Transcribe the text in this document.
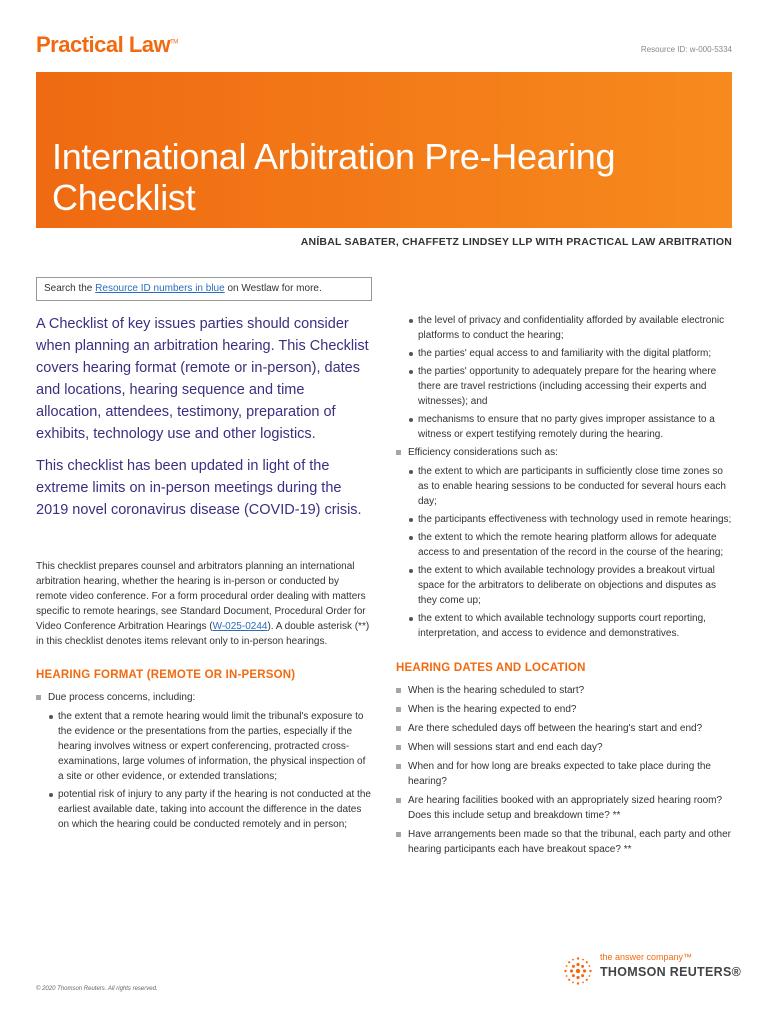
Practical Law™
Resource ID: w-000-5334
International Arbitration Pre-Hearing Checklist
ANÍBAL SABATER, CHAFFETZ LINDSEY LLP WITH PRACTICAL LAW ARBITRATION
Search the Resource ID numbers in blue on Westlaw for more.

A Checklist of key issues parties should consider when planning an arbitration hearing. This Checklist covers hearing format (remote or in-person), dates and locations, hearing sequence and time allocation, attendees, testimony, preparation of exhibits, technology use and other logistics.

This checklist has been updated in light of the extreme limits on in-person meetings during the 2019 novel coronavirus disease (COVID-19) crisis.

This checklist prepares counsel and arbitrators planning an international arbitration hearing, whether the hearing is in-person or conducted by remote video conference. For a form procedural order dealing with matters specific to remote hearings, see Standard Document, Procedural Order for Video Conference Arbitration Hearings (W-025-0244). A double asterisk (**) in this checklist denotes items relevant only to in-person hearings.

HEARING FORMAT (REMOTE OR IN-PERSON)
Due process concerns, including:
the extent that a remote hearing would limit the tribunal's exposure to the evidence or the presentations from the parties, especially if the hearing involves witness or expert conferencing, protracted cross-examinations, large volumes of information, the physical inspection of a site or other evidence, or extended translations;
potential risk of injury to any party if the hearing is not conducted at the earliest available date, taking into account the difference in the dates on which the hearing could be conducted remotely and in person;
the level of privacy and confidentiality afforded by available electronic platforms to conduct the hearing;
the parties' equal access to and familiarity with the digital platform;
the parties' opportunity to adequately prepare for the hearing where there are travel restrictions (including accessing their experts and witnesses); and
mechanisms to ensure that no party gives improper assistance to a witness or expert testifying remotely during the hearing.
Efficiency considerations such as:
the extent to which are participants in sufficiently close time zones so as to enable hearing sessions to be conducted for several hours each day;
the participants effectiveness with technology used in remote hearings;
the extent to which the remote hearing platform allows for adequate access to and presentation of the record in the course of the hearing;
the extent to which available technology provides a breakout virtual space for the arbitrators to deliberate on objections and disputes as they come up;
the extent to which available technology supports court reporting, interpretation, and access to evidence and demonstratives.
HEARING DATES AND LOCATION
When is the hearing scheduled to start?
When is the hearing expected to end?
Are there scheduled days off between the hearing's start and end?
When will sessions start and end each day?
When and for how long are breaks expected to take place during the hearing?
Are hearing facilities booked with an appropriately sized hearing room? Does this include setup and breakdown time? **
Have arrangements been made so that the tribunal, each party and other hearing participants each have breakout space? **
© 2020 Thomson Reuters. All rights reserved.
the answer company™
THOMSON REUTERS®
